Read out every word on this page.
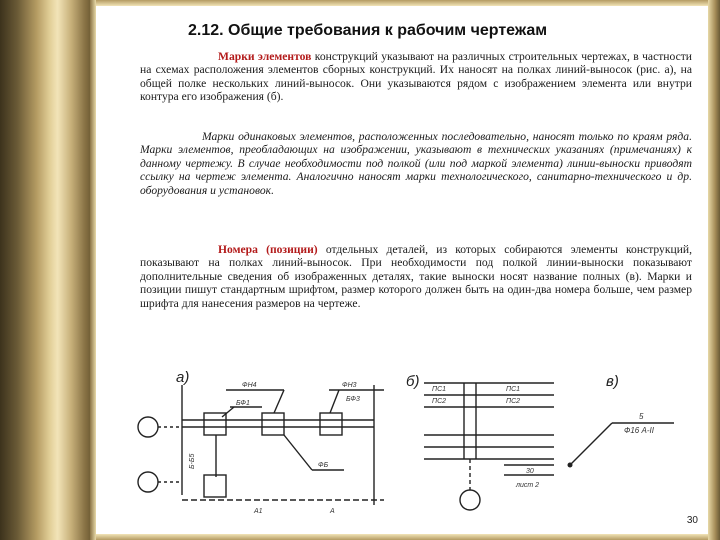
2.12. Общие требования к рабочим чертежам

Марки элементов конструкций указывают на различных строительных чертежах, в частности на схемах расположения элементов сборных конструкций. Их наносят на полках линий-выносок (рис. а), на общей полке нескольких линий-выносок. Они указываются рядом с изображением элемента или внутри контура его изображения (б).

Марки одинаковых элементов, расположенных последовательно, наносят только по краям ряда. Марки элементов, преобладающих на изображении, указывают в технических указаниях (примечаниях) к данному чертежу. В случае необходимости под полкой (или под маркой элемента) линии-выноски приводят ссылку на чертеж элемента. Аналогично наносят марки технологического, санитарно-технического и др. оборудования и установок.

Номера (позиции) отдельных деталей, из которых собираются элементы конструкций, показывают на полках линий-выносок. При необходимости под полкой линии-выноски показывают дополнительные сведения об изображенных деталях, такие выноски носят название полных (в). Марки и позиции пишут стандартным шрифтом, размер которого должен быть на один-два номера больше, чем размер шрифта для нанесения размеров на чертеже.

а)	б)	в)
ФН4	ФН3
БФ3
БФ1
Б-Б5	ФБ
А1	А
ПС1	ПС1
ПС2	ПС2
30
лист 2
5
Ф16 А-II
30
